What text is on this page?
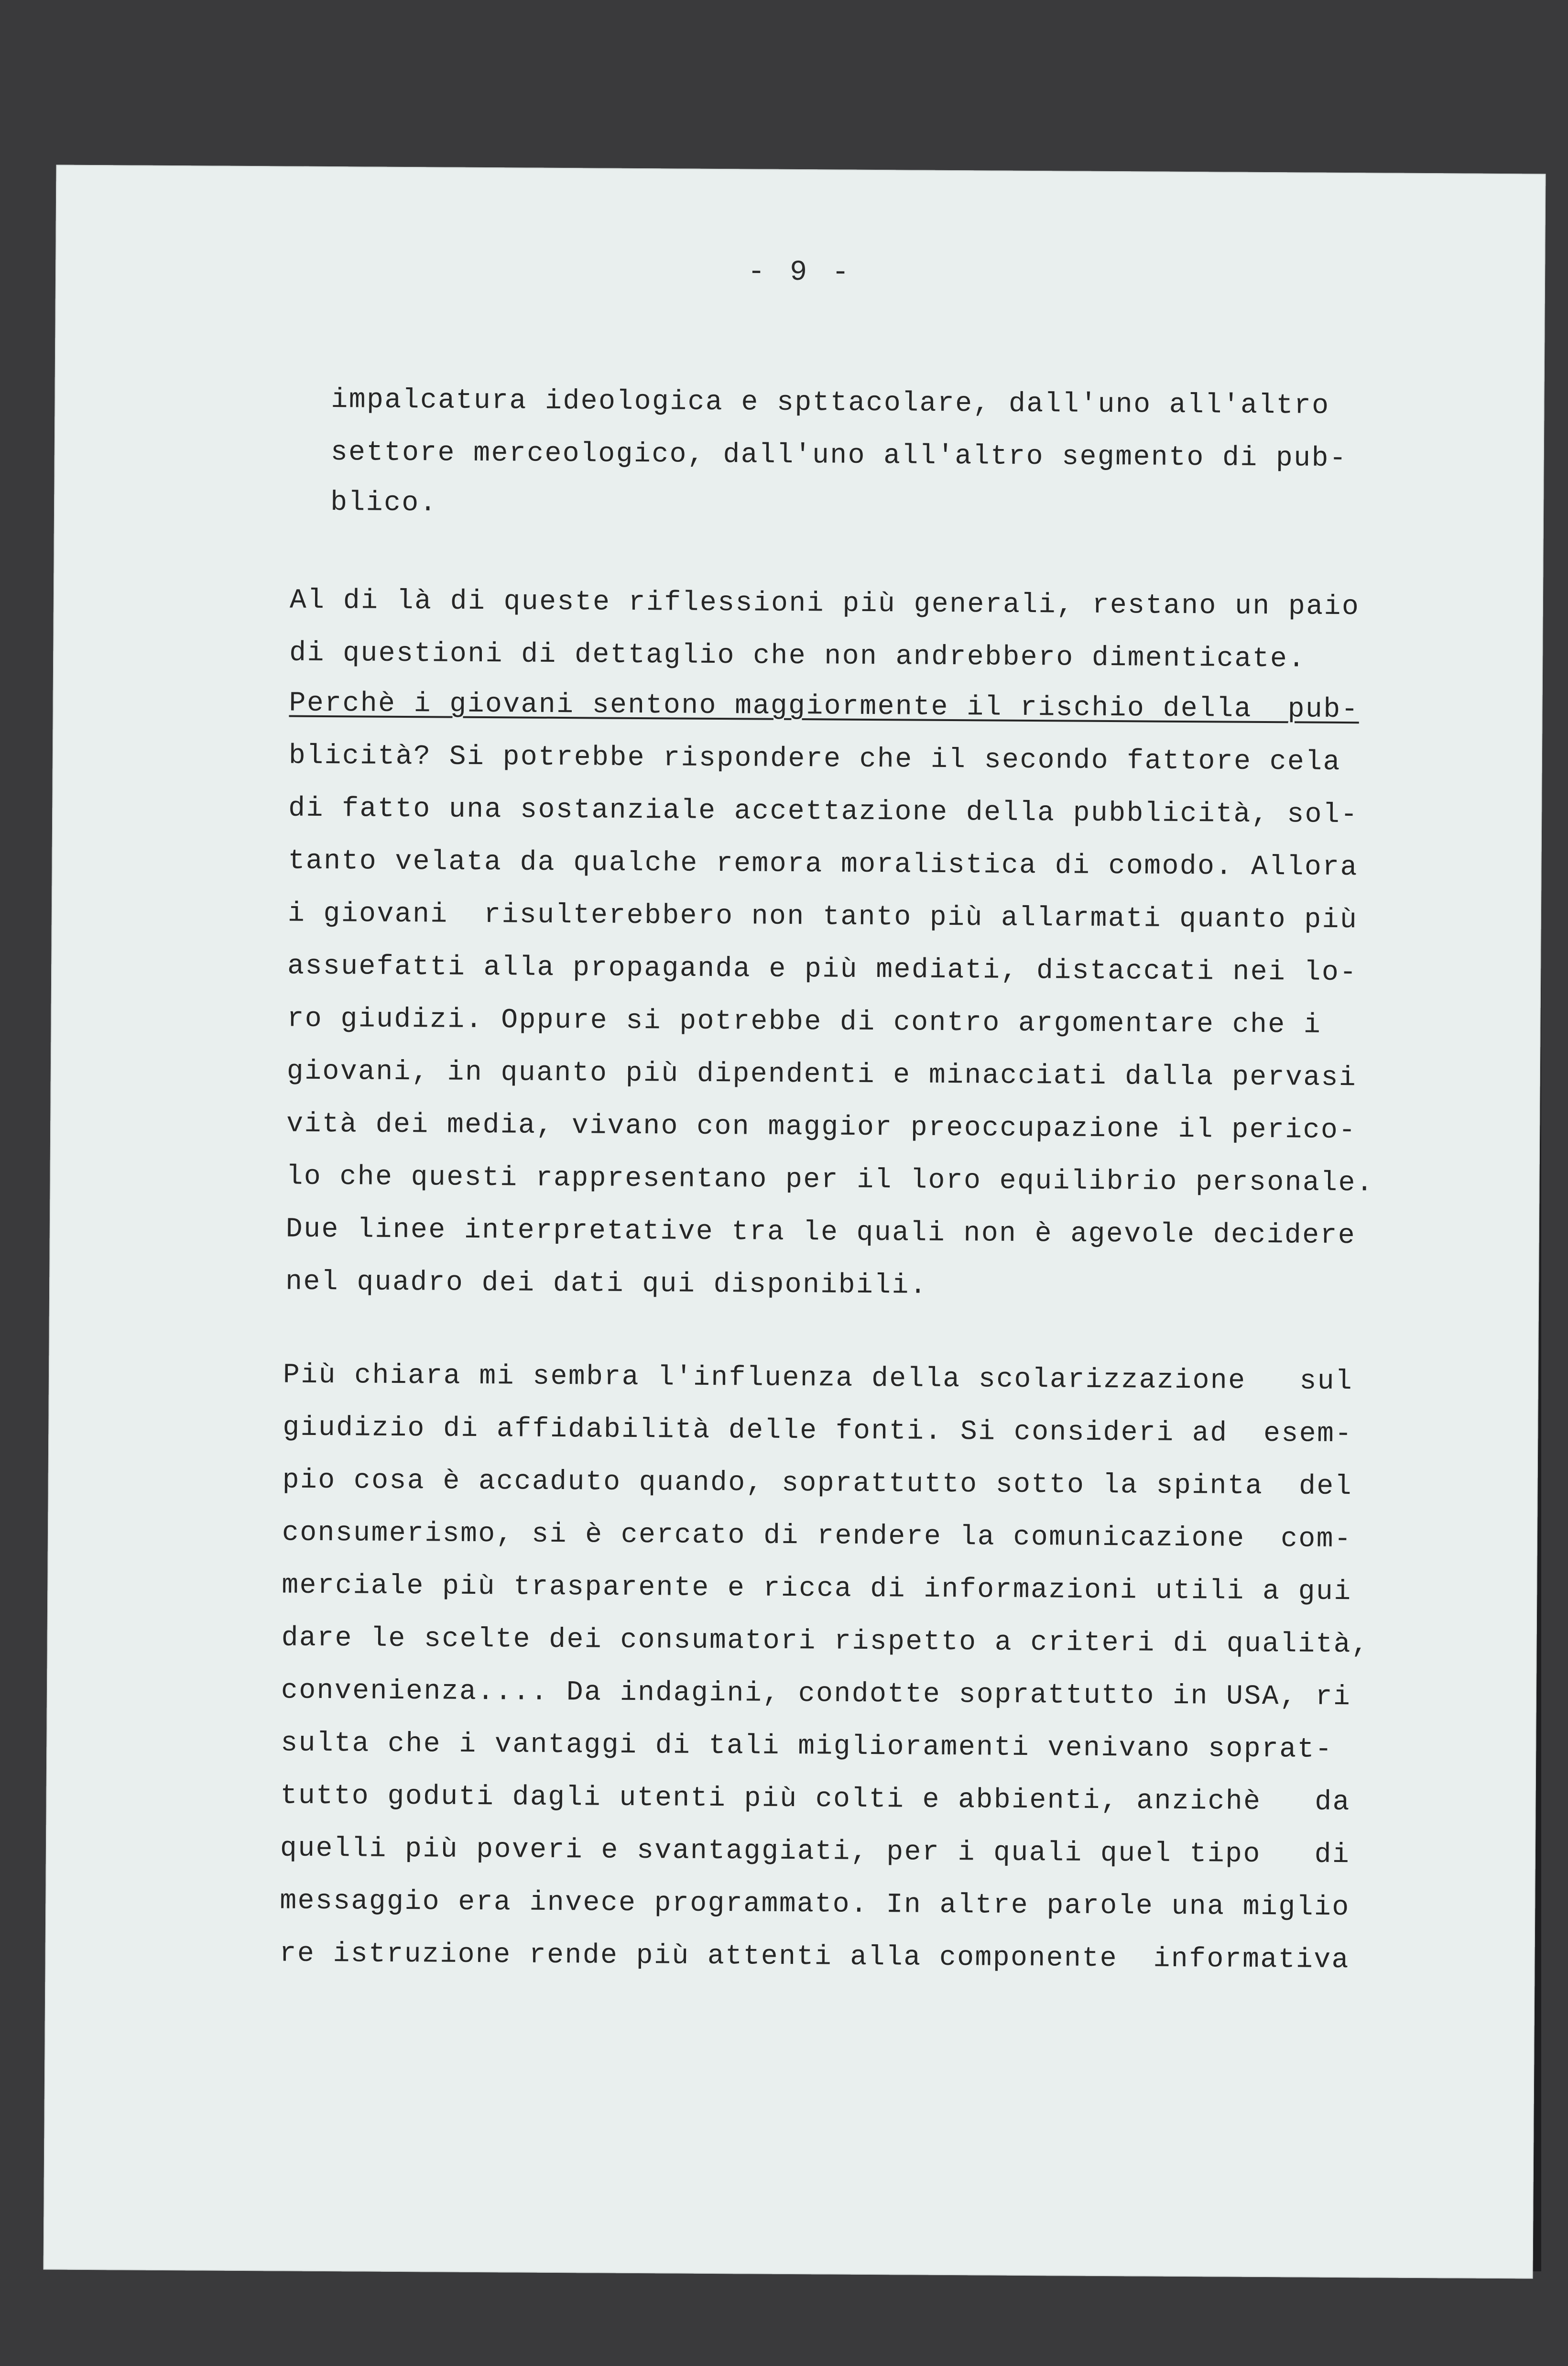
- 9 -
impalcatura ideologica e spttacolare, dall'uno all'altro
settore merceologico, dall'uno all'altro segmento di pub-
blico.
Al di là di queste riflessioni più generali, restano un paio
di questioni di dettaglio che non andrebbero dimenticate.
Perchè i giovani sentono maggiormente il rischio della  pub-
blicità? Si potrebbe rispondere che il secondo fattore cela
di fatto una sostanziale accettazione della pubblicità, sol-
tanto velata da qualche remora moralistica di comodo. Allora
i giovani  risulterebbero non tanto più allarmati quanto più
assuefatti alla propaganda e più mediati, distaccati nei lo-
ro giudizi. Oppure si potrebbe di contro argomentare che i
giovani, in quanto più dipendenti e minacciati dalla pervasi
vità dei media, vivano con maggior preoccupazione il perico-
lo che questi rappresentano per il loro equilibrio personale.
Due linee interpretative tra le quali non è agevole decidere
nel quadro dei dati qui disponibili.
Più chiara mi sembra l'influenza della scolarizzazione   sul
giudizio di affidabilità delle fonti. Si consideri ad  esem-
pio cosa è accaduto quando, soprattutto sotto la spinta  del
consumerismo, si è cercato di rendere la comunicazione  com-
merciale più trasparente e ricca di informazioni utili a gui
dare le scelte dei consumatori rispetto a criteri di qualità,
convenienza.... Da indagini, condotte soprattutto in USA, ri
sulta che i vantaggi di tali miglioramenti venivano soprat-
tutto goduti dagli utenti più colti e abbienti, anzichè   da
quelli più poveri e svantaggiati, per i quali quel tipo   di
messaggio era invece programmato. In altre parole una miglio
re istruzione rende più attenti alla componente  informativa
